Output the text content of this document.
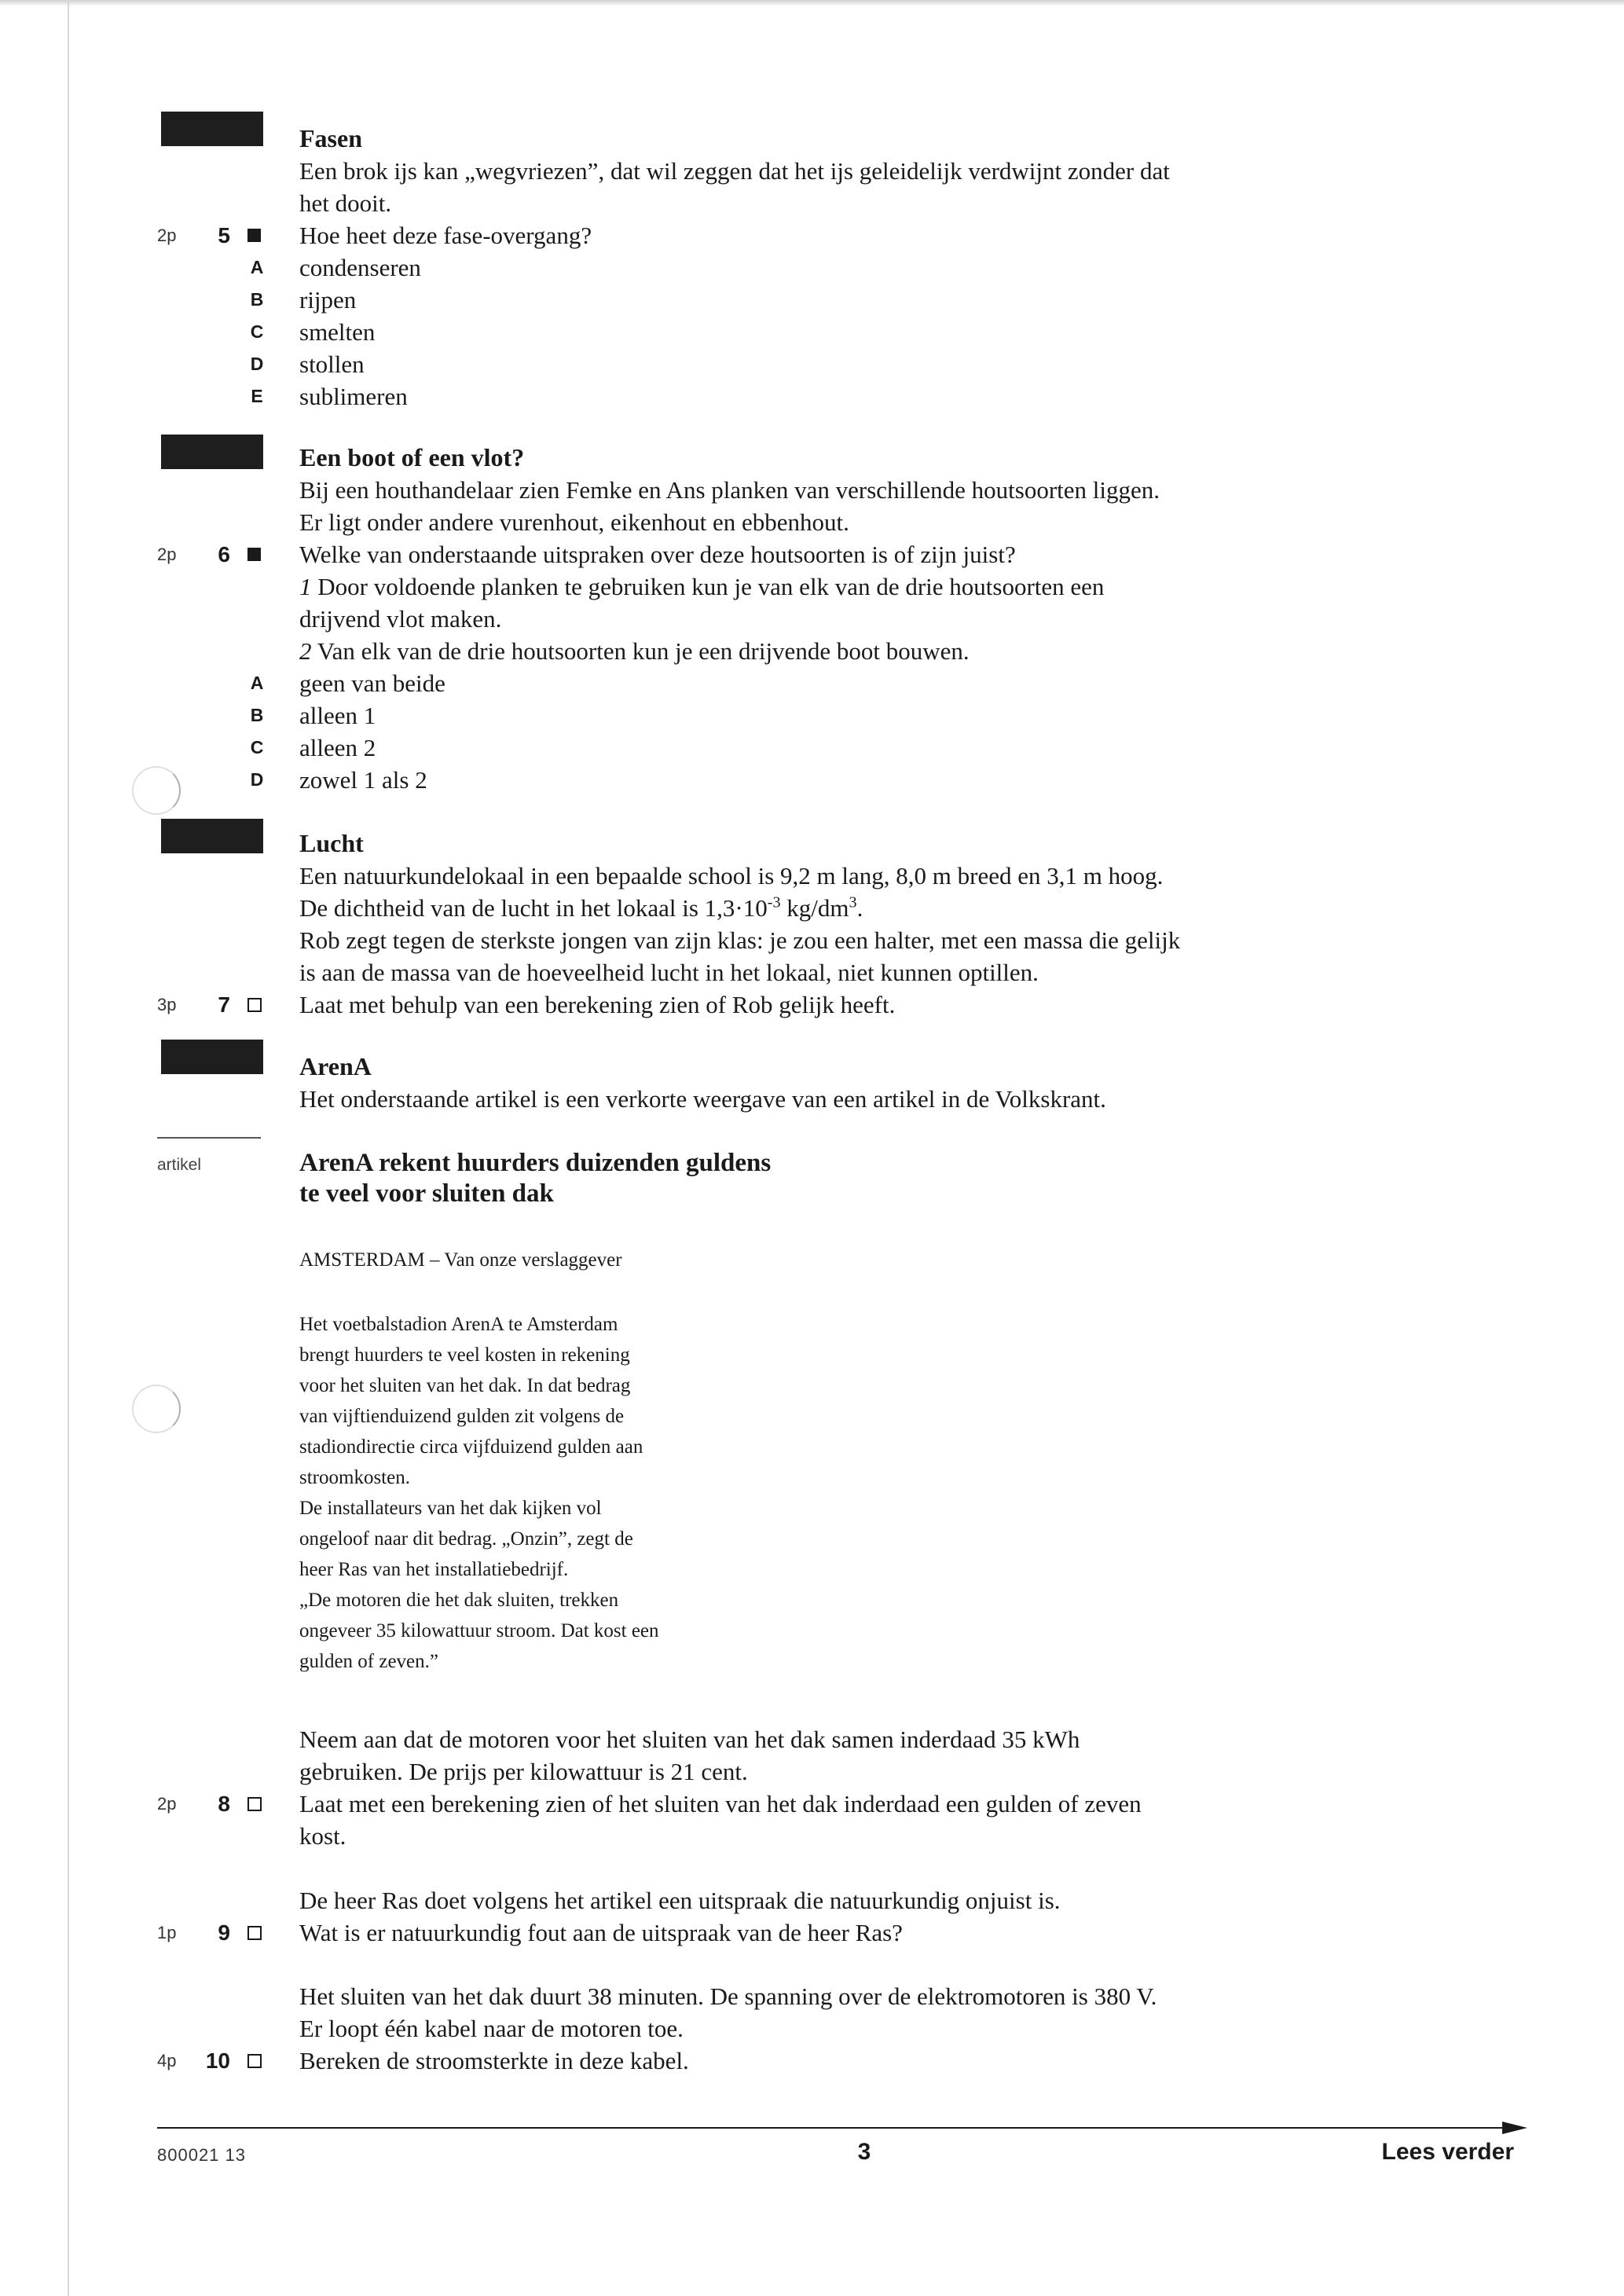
Fasen
Een brok ijs kan „wegvriezen”, dat wil zeggen dat het ijs geleidelijk verdwijnt zonder dat
het dooit.
2p	5	Hoe heet deze fase-overgang?
A condenseren
B rijpen
C smelten
D stollen
E sublimeren
Een boot of een vlot?
Bij een houthandelaar zien Femke en Ans planken van verschillende houtsoorten liggen.
Er ligt onder andere vurenhout, eikenhout en ebbenhout.
2p	6	Welke van onderstaande uitspraken over deze houtsoorten is of zijn juist?
1 Door voldoende planken te gebruiken kun je van elk van de drie houtsoorten een
drijvend vlot maken.
2 Van elk van de drie houtsoorten kun je een drijvende boot bouwen.
A geen van beide
B alleen 1
C alleen 2
D zowel 1 als 2
Lucht
Een natuurkundelokaal in een bepaalde school is 9,2 m lang, 8,0 m breed en 3,1 m hoog.
De dichtheid van de lucht in het lokaal is $1,3\cdot 10^{-3}$ $kg/dm^3$.
Rob zegt tegen de sterkste jongen van zijn klas: je zou een halter, met een massa die gelijk
is aan de massa van de hoeveelheid lucht in het lokaal, niet kunnen optillen.
3p	7	Laat met behulp van een berekening zien of Rob gelijk heeft.
ArenA
Het onderstaande artikel is een verkorte weergave van een artikel in de Volkskrant.
artikel	ArenA rekent huurders duizenden guldens
te veel voor sluiten dak
AMSTERDAM – Van onze verslaggever
Het voetbalstadion ArenA te Amsterdam
brengt huurders te veel kosten in rekening
voor het sluiten van het dak. In dat bedrag
van vijftienduizend gulden zit volgens de
stadiondirectie circa vijfduizend gulden aan
stroomkosten.
De installateurs van het dak kijken vol
ongeloof naar dit bedrag. „Onzin”, zegt de
heer Ras van het installatiebedrijf.
„De motoren die het dak sluiten, trekken
ongeveer 35 kilowattuur stroom. Dat kost een
gulden of zeven.”
Neem aan dat de motoren voor het sluiten van het dak samen inderdaad 35 kWh
gebruiken. De prijs per kilowattuur is 21 cent.
2p	8	Laat met een berekening zien of het sluiten van het dak inderdaad een gulden of zeven
kost.
De heer Ras doet volgens het artikel een uitspraak die natuurkundig onjuist is.
1p	9	Wat is er natuurkundig fout aan de uitspraak van de heer Ras?
Het sluiten van het dak duurt 38 minuten. De spanning over de elektromotoren is 380 V.
Er loopt één kabel naar de motoren toe.
4p	10	Bereken de stroomsterkte in deze kabel.
800021 13	3	Lees verder
